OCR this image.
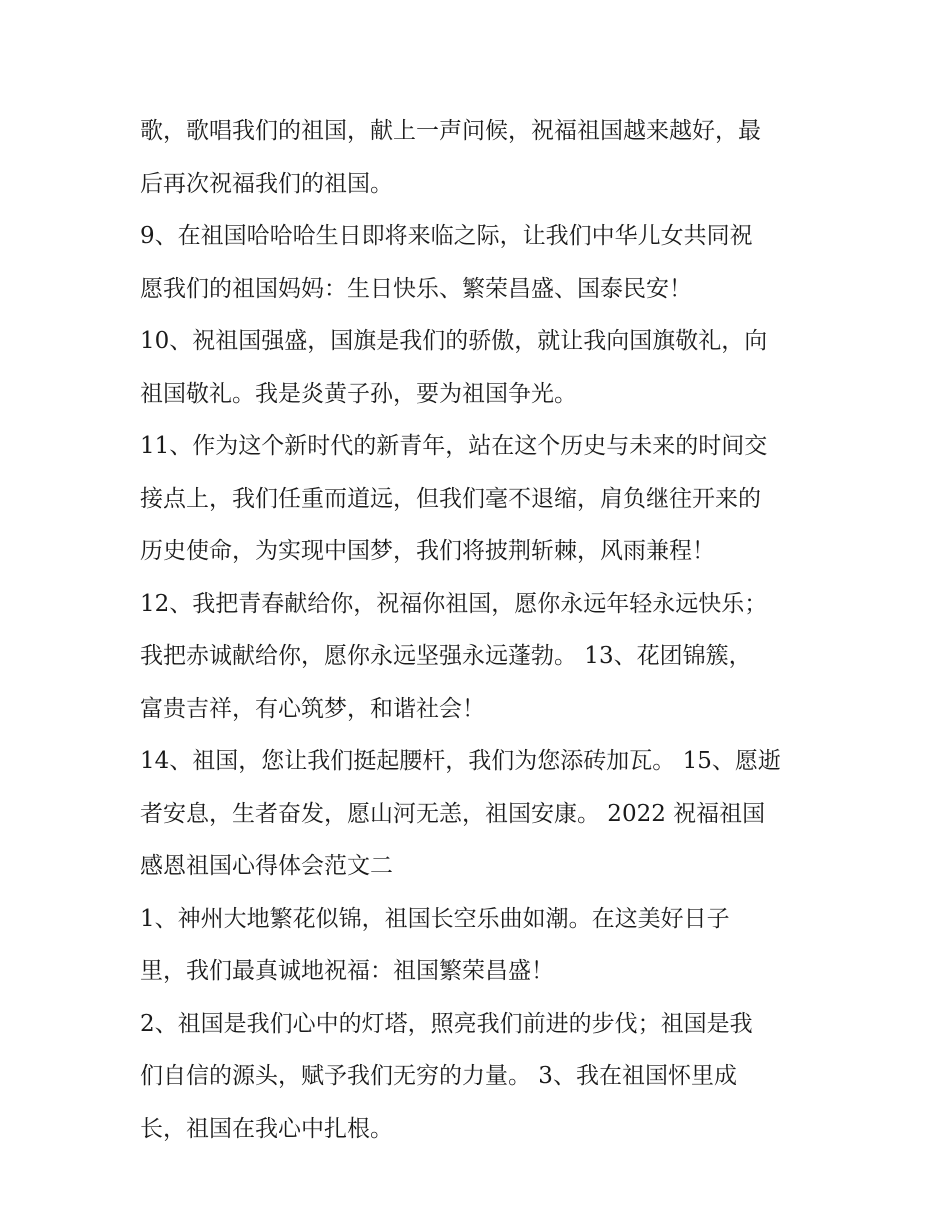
歌，歌唱我们的祖国，献上一声问候，祝福祖国越来越好，最
后再次祝福我们的祖国。
9、在祖国哈哈哈生日即将来临之际，让我们中华儿女共同祝
愿我们的祖国妈妈：生日快乐、繁荣昌盛、国泰民安！
10、祝祖国强盛，国旗是我们的骄傲，就让我向国旗敬礼，向
祖国敬礼。我是炎黄子孙，要为祖国争光。
11、作为这个新时代的新青年，站在这个历史与未来的时间交
接点上，我们任重而道远，但我们毫不退缩，肩负继往开来的
历史使命，为实现中国梦，我们将披荆斩棘，风雨兼程！
12、我把青春献给你，祝福你祖国，愿你永远年轻永远快乐；
我把赤诚献给你，愿你永远坚强永远蓬勃。 13、花团锦簇，
富贵吉祥，有心筑梦，和谐社会！
14、祖国，您让我们挺起腰杆，我们为您添砖加瓦。 15、愿逝
者安息，生者奋发，愿山河无恙，祖国安康。 2022 祝福祖国
感恩祖国心得体会范文二
1、神州大地繁花似锦，祖国长空乐曲如潮。在这美好日子
里，我们最真诚地祝福：祖国繁荣昌盛！
2、祖国是我们心中的灯塔，照亮我们前进的步伐；祖国是我
们自信的源头，赋予我们无穷的力量。 3、我在祖国怀里成
长，祖国在我心中扎根。
